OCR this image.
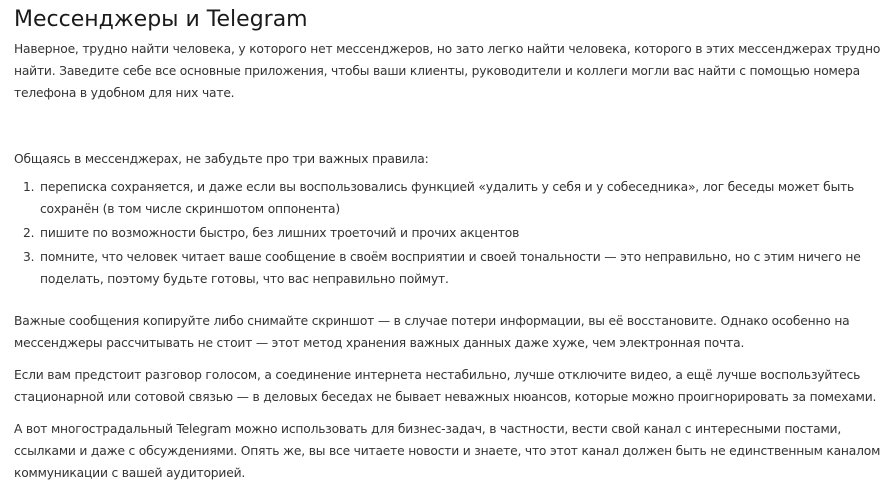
Мессенджеры и Telegram

Наверное, трудно найти человека, у которого нет мессенджеров, но зато легко найти человека, которого в этих мессенджерах трудно найти. Заведите себе все основные приложения, чтобы ваши клиенты, руководители и коллеги могли вас найти с помощью номера телефона в удобном для них чате.

Общаясь в мессенджерах, не забудьте про три важных правила:

1. переписка сохраняется, и даже если вы воспользовались функцией «удалить у себя и у собеседника», лог беседы может быть сохранён (в том числе скриншотом оппонента)
2. пишите по возможности быстро, без лишних троеточий и прочих акцентов
3. помните, что человек читает ваше сообщение в своём восприятии и своей тональности — это неправильно, но с этим ничего не поделать, поэтому будьте готовы, что вас неправильно поймут.

Важные сообщения копируйте либо снимайте скриншот — в случае потери информации, вы её восстановите. Однако особенно на мессенджеры рассчитывать не стоит — этот метод хранения важных данных даже хуже, чем электронная почта.

Если вам предстоит разговор голосом, а соединение интернета нестабильно, лучше отключите видео, а ещё лучше воспользуйтесь стационарной или сотовой связью — в деловых беседах не бывает неважных нюансов, которые можно проигнорировать за помехами.

А вот многострадальный Telegram можно использовать для бизнес-задач, в частности, вести свой канал с интересными постами, ссылками и даже с обсуждениями. Опять же, вы все читаете новости и знаете, что этот канал должен быть не единственным каналом коммуникации с вашей аудиторией.
